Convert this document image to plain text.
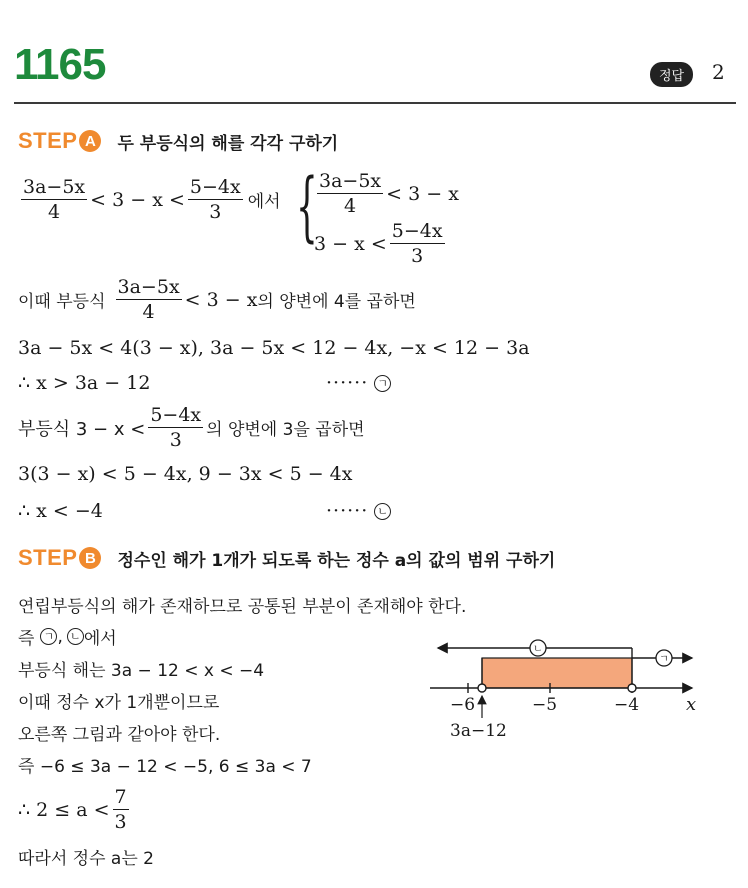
1165	정답	2
STEP A	두 부등식의 해를 각각 구하기
$\frac{3a-5x}{4} < 3 - x < \frac{5-4x}{3}$ 에서 { $\frac{3a-5x}{4} < 3 - x$
$3 - x < \frac{5-4x}{3}$
이때 부등식 $\frac{3a-5x}{4} < 3 - x$ 의 양변에 4를 곱하면
3a − 5x < 4(3 − x), 3a − 5x < 12 − 4x, −x < 12 − 3a
∴ x > 3a − 12	······ ㄱ
부등식 $3 - x < \frac{5-4x}{3}$ 의 양변에 3을 곱하면
3(3 − x) < 5 − 4x, 9 − 3x < 5 − 4x
∴ x < −4	······ ㄴ
STEP B	정수인 해가 1개가 되도록 하는 정수 a의 값의 범위 구하기
연립부등식의 해가 존재하므로 공통된 부분이 존재해야 한다.
즉 ㄱ , ㄴ 에서
부등식 해는 3a − 12 < x < −4
이때 정수 x가 1개뿐이므로
오른쪽 그림과 같아야 한다.
즉 −6 ≤ 3a − 12 < −5, 6 ≤ 3a < 7
∴ $2 \le a < \frac{7}{3}$
따라서 정수 a는 2
−6	−5	−4	x
3a−12
ㄴ
ㄱ
